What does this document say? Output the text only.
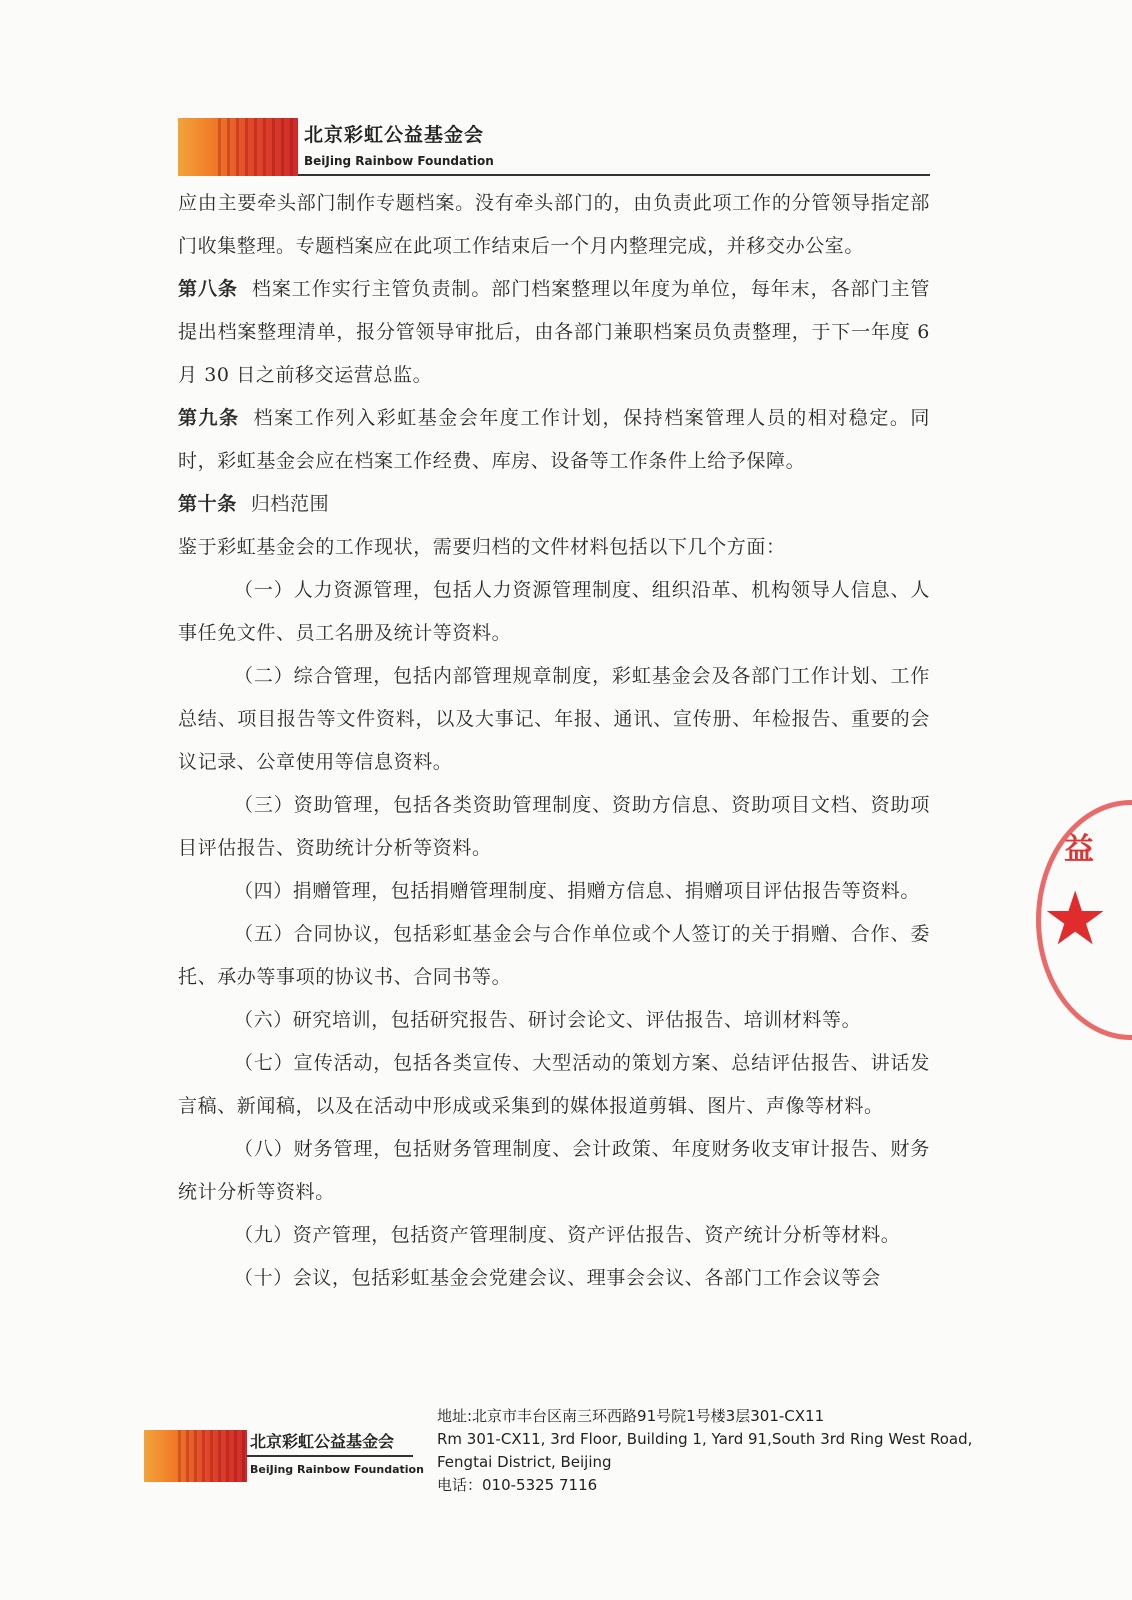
北京彩虹公益基金会
BeiJing Rainbow Foundation

应由主要牵头部门制作专题档案。没有牵头部门的，由负责此项工作的分管领导指定部门收集整理。专题档案应在此项工作结束后一个月内整理完成，并移交办公室。

第八条 档案工作实行主管负责制。部门档案整理以年度为单位，每年末，各部门主管提出档案整理清单，报分管领导审批后，由各部门兼职档案员负责整理，于下一年度 6 月 30 日之前移交运营总监。

第九条 档案工作列入彩虹基金会年度工作计划，保持档案管理人员的相对稳定。同时，彩虹基金会应在档案工作经费、库房、设备等工作条件上给予保障。

第十条 归档范围

鉴于彩虹基金会的工作现状，需要归档的文件材料包括以下几个方面：

（一）人力资源管理，包括人力资源管理制度、组织沿革、机构领导人信息、人事任免文件、员工名册及统计等资料。

（二）综合管理，包括内部管理规章制度，彩虹基金会及各部门工作计划、工作总结、项目报告等文件资料，以及大事记、年报、通讯、宣传册、年检报告、重要的会议记录、公章使用等信息资料。

（三）资助管理，包括各类资助管理制度、资助方信息、资助项目文档、资助项目评估报告、资助统计分析等资料。

（四）捐赠管理，包括捐赠管理制度、捐赠方信息、捐赠项目评估报告等资料。

（五）合同协议，包括彩虹基金会与合作单位或个人签订的关于捐赠、合作、委托、承办等事项的协议书、合同书等。

（六）研究培训，包括研究报告、研讨会论文、评估报告、培训材料等。

（七）宣传活动，包括各类宣传、大型活动的策划方案、总结评估报告、讲话发言稿、新闻稿，以及在活动中形成或采集到的媒体报道剪辑、图片、声像等材料。

（八）财务管理，包括财务管理制度、会计政策、年度财务收支审计报告、财务统计分析等资料。

（九）资产管理，包括资产管理制度、资产评估报告、资产统计分析等材料。

（十）会议，包括彩虹基金会党建会议、理事会会议、各部门工作会议等会

益
★
北京彩虹公益基金会
BeiJing Rainbow Foundation
地址:北京市丰台区南三环西路91号院1号楼3层301-CX11
Rm 301-CX11, 3rd Floor, Building 1, Yard 91,South 3rd Ring West Road,
Fengtai District, Beijing
电话：010-5325 7116
